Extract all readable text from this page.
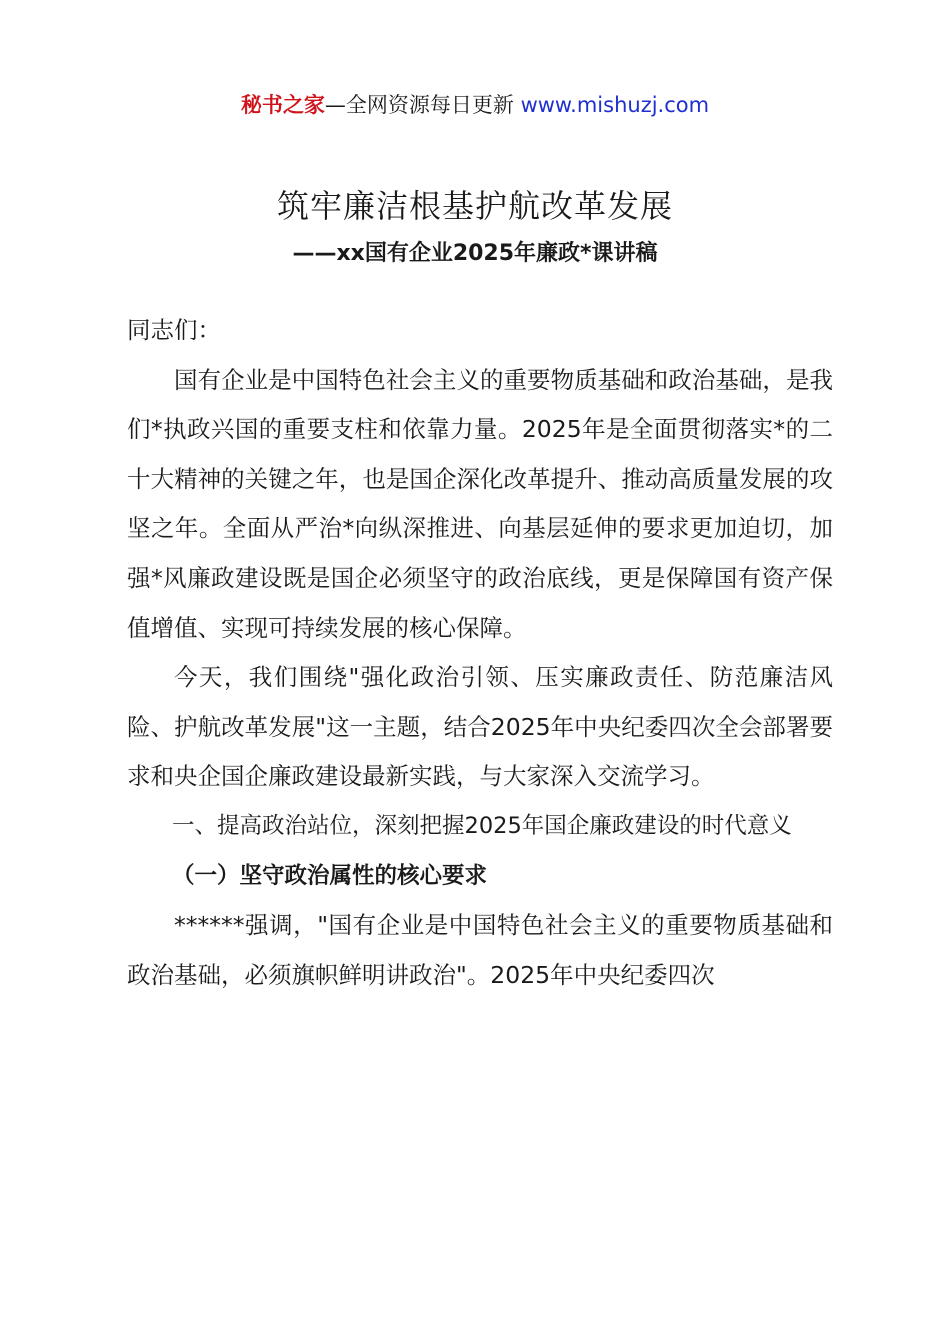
秘书之家—全网资源每日更新 www.mishuzj.com
筑牢廉洁根基护航改革发展
——xx国有企业2025年廉政*课讲稿

同志们：

国有企业是中国特色社会主义的重要物质基础和政治基础，是我们*执政兴国的重要支柱和依靠力量。2025年是全面贯彻落实*的二十大精神的关键之年，也是国企深化改革提升、推动高质量发展的攻坚之年。全面从严治*向纵深推进、向基层延伸的要求更加迫切，加强*风廉政建设既是国企必须坚守的政治底线，更是保障国有资产保值增值、实现可持续发展的核心保障。

今天，我们围绕"强化政治引领、压实廉政责任、防范廉洁风险、护航改革发展"这一主题，结合2025年中央纪委四次全会部署要求和央企国企廉政建设最新实践，与大家深入交流学习。

一、提高政治站位，深刻把握2025年国企廉政建设的时代意义

（一）坚守政治属性的核心要求

******强调，"国有企业是中国特色社会主义的重要物质基础和政治基础，必须旗帜鲜明讲政治"。2025年中央纪委四次
